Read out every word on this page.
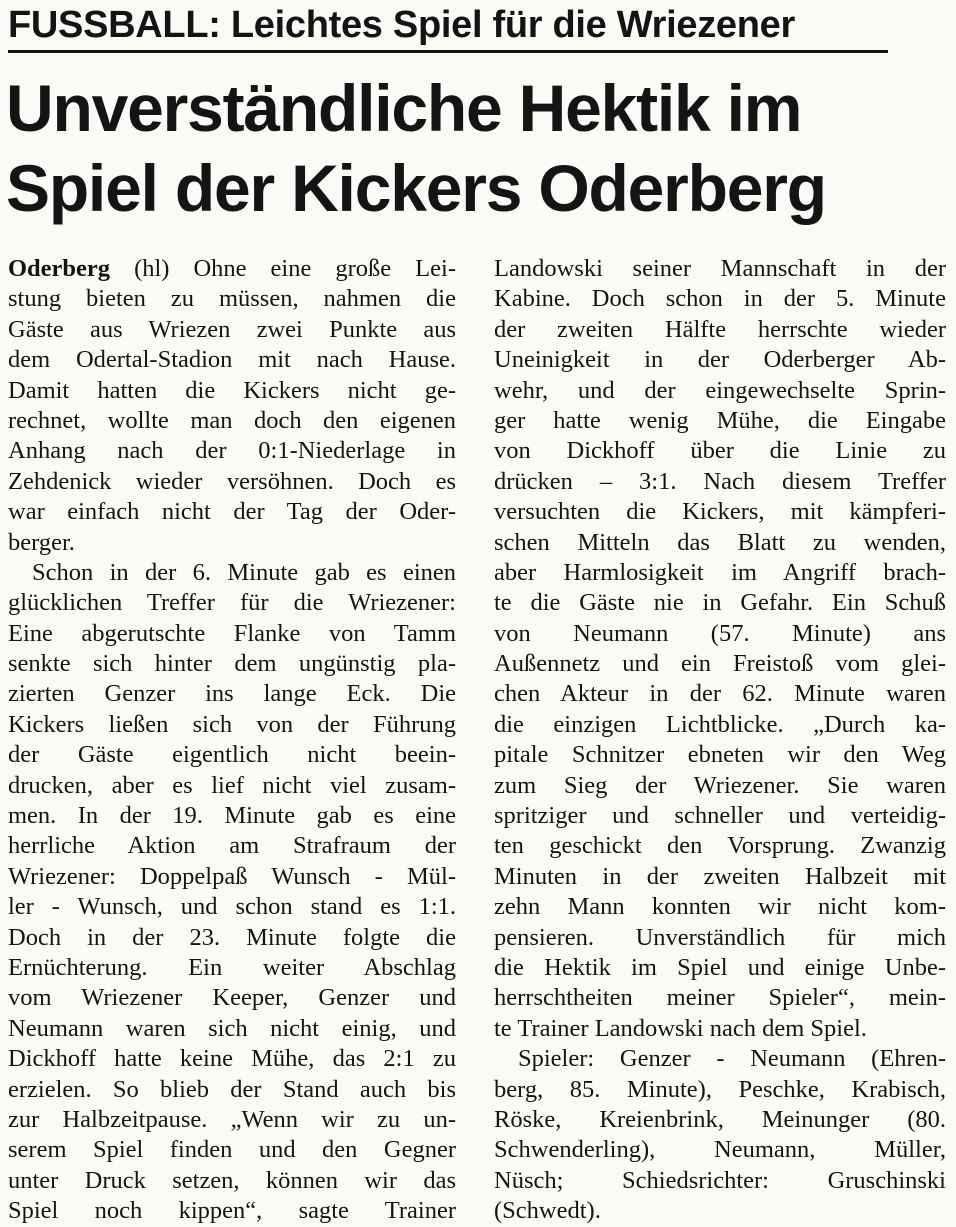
FUSSBALL: Leichtes Spiel für die Wriezener
Unverständliche Hektik im
Spiel der Kickers Oderberg
Oderberg (hl) Ohne eine große Lei-
stung bieten zu müssen, nahmen die
Gäste aus Wriezen zwei Punkte aus
dem Odertal-Stadion mit nach Hause.
Damit hatten die Kickers nicht ge-
rechnet, wollte man doch den eigenen
Anhang nach der 0:1-Niederlage in
Zehdenick wieder versöhnen. Doch es
war einfach nicht der Tag der Oder-
berger.
Schon in der 6. Minute gab es einen
glücklichen Treffer für die Wriezener:
Eine abgerutschte Flanke von Tamm
senkte sich hinter dem ungünstig pla-
zierten Genzer ins lange Eck. Die
Kickers ließen sich von der Führung
der Gäste eigentlich nicht beein-
drucken, aber es lief nicht viel zusam-
men. In der 19. Minute gab es eine
herrliche Aktion am Strafraum der
Wriezener: Doppelpaß Wunsch - Mül-
ler - Wunsch, und schon stand es 1:1.
Doch in der 23. Minute folgte die
Ernüchterung. Ein weiter Abschlag
vom Wriezener Keeper, Genzer und
Neumann waren sich nicht einig, und
Dickhoff hatte keine Mühe, das 2:1 zu
erzielen. So blieb der Stand auch bis
zur Halbzeitpause. „Wenn wir zu un-
serem Spiel finden und den Gegner
unter Druck setzen, können wir das
Spiel noch kippen“, sagte Trainer
Landowski seiner Mannschaft in der
Kabine. Doch schon in der 5. Minute
der zweiten Hälfte herrschte wieder
Uneinigkeit in der Oderberger Ab-
wehr, und der eingewechselte Sprin-
ger hatte wenig Mühe, die Eingabe
von Dickhoff über die Linie zu
drücken – 3:1. Nach diesem Treffer
versuchten die Kickers, mit kämpferi-
schen Mitteln das Blatt zu wenden,
aber Harmlosigkeit im Angriff brach-
te die Gäste nie in Gefahr. Ein Schuß
von Neumann (57. Minute) ans
Außennetz und ein Freistoß vom glei-
chen Akteur in der 62. Minute waren
die einzigen Lichtblicke. „Durch ka-
pitale Schnitzer ebneten wir den Weg
zum Sieg der Wriezener. Sie waren
spritziger und schneller und verteidig-
ten geschickt den Vorsprung. Zwanzig
Minuten in der zweiten Halbzeit mit
zehn Mann konnten wir nicht kom-
pensieren. Unverständlich für mich
die Hektik im Spiel und einige Unbe-
herrschtheiten meiner Spieler“, mein-
te Trainer Landowski nach dem Spiel.
Spieler: Genzer - Neumann (Ehren-
berg, 85. Minute), Peschke, Krabisch,
Röske, Kreienbrink, Meinunger (80.
Schwenderling), Neumann, Müller,
Nüsch; Schiedsrichter: Gruschinski
(Schwedt).
